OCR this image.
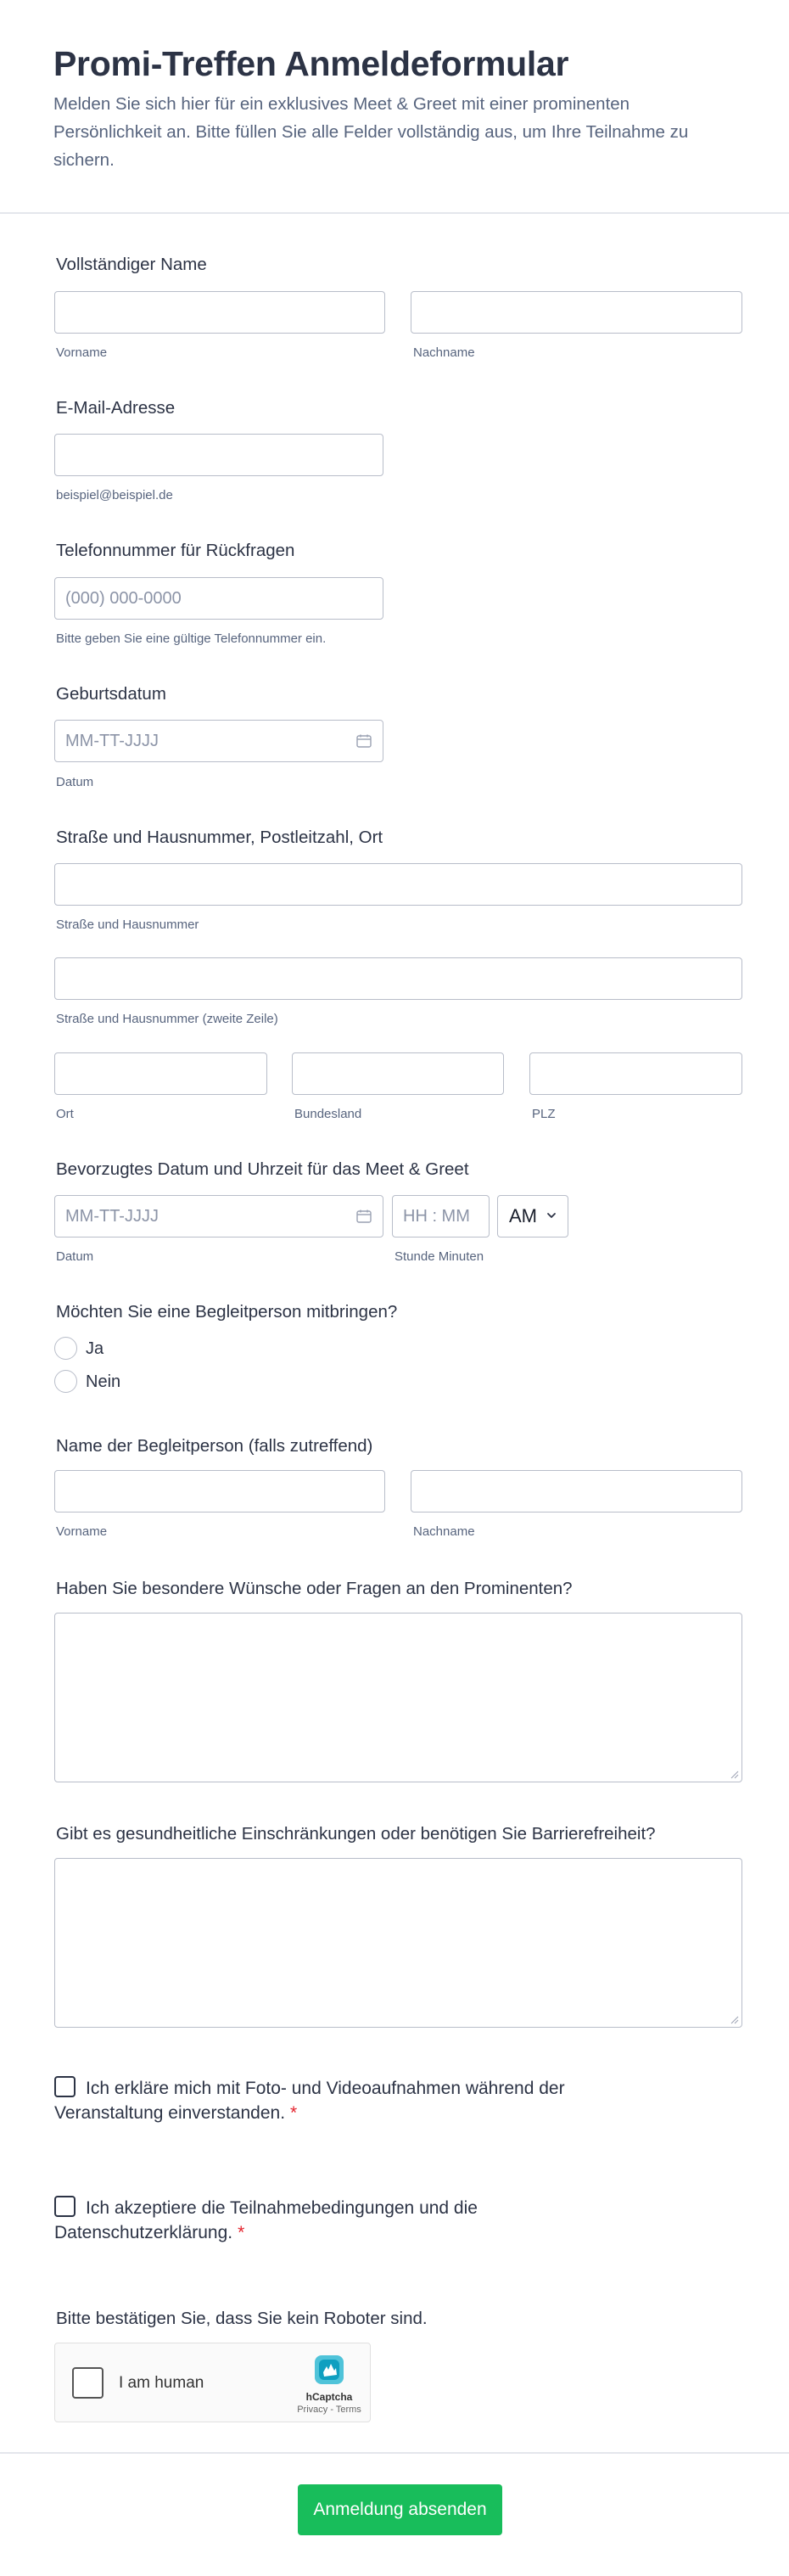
Promi-Treffen Anmeldeformular

Melden Sie sich hier für ein exklusives Meet & Greet mit einer prominenten Persönlichkeit an. Bitte füllen Sie alle Felder vollständig aus, um Ihre Teilnahme zu sichern.

Vollständiger Name
Vorname	Nachname
E-Mail-Adresse
beispiel@beispiel.de
Telefonnummer für Rückfragen
(000) 000-0000
Bitte geben Sie eine gültige Telefonnummer ein.
Geburtsdatum
MM-TT-JJJJ
Datum
Straße und Hausnummer, Postleitzahl, Ort
Straße und Hausnummer
Straße und Hausnummer (zweite Zeile)
Ort	Bundesland	PLZ
Bevorzugtes Datum und Uhrzeit für das Meet & Greet
MM-TT-JJJJ
HH : MM
AM
Datum	Stunde Minuten
Möchten Sie eine Begleitperson mitbringen?
Ja
Nein
Name der Begleitperson (falls zutreffend)
Vorname	Nachname
Haben Sie besondere Wünsche oder Fragen an den Prominenten?
Gibt es gesundheitliche Einschränkungen oder benötigen Sie Barrierefreiheit?
Ich erkläre mich mit Foto- und Videoaufnahmen während der Veranstaltung einverstanden. *
Ich akzeptiere die Teilnahmebedingungen und die Datenschutzerklärung. *
Bitte bestätigen Sie, dass Sie kein Roboter sind.
I am human
hCaptcha
Privacy - Terms
Anmeldung absenden
